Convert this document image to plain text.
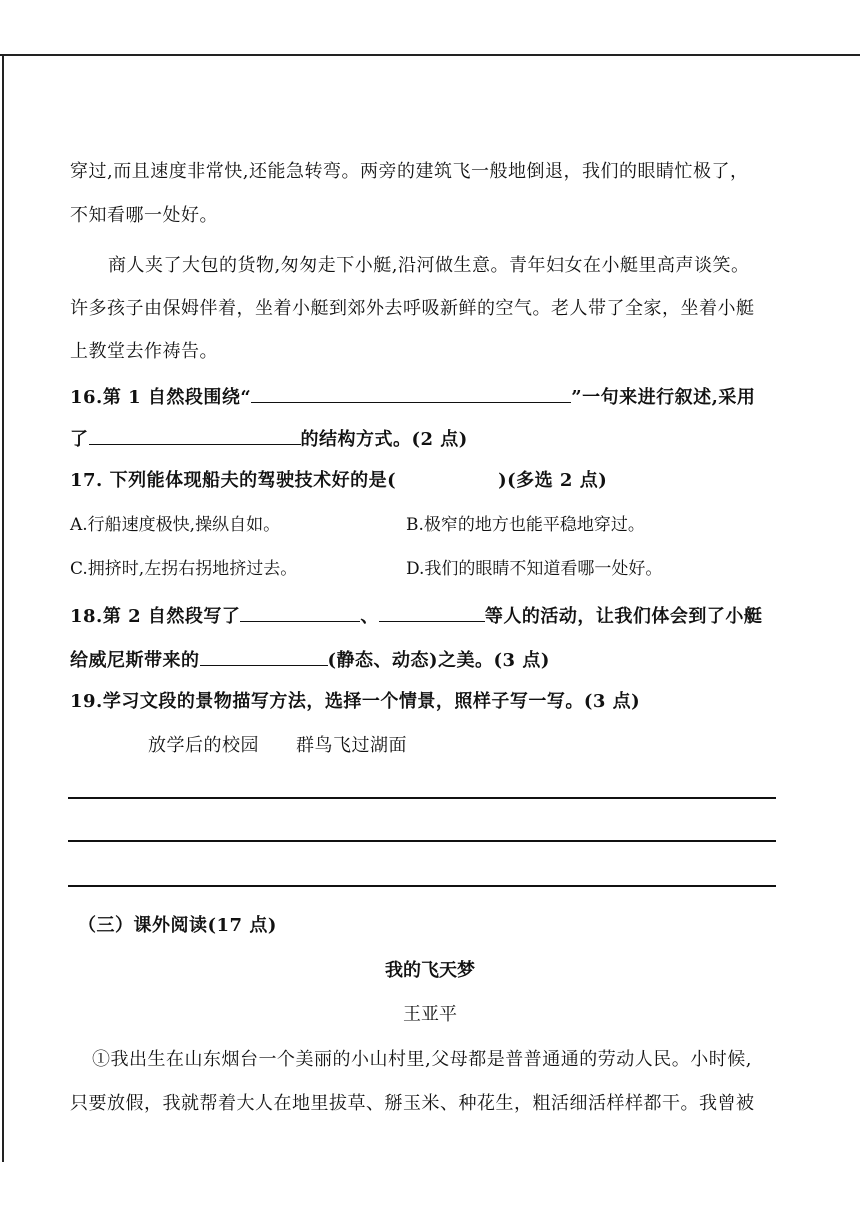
穿过,而且速度非常快,还能急转弯。两旁的建筑飞一般地倒退，我们的眼睛忙极了，
不知看哪一处好。
商人夹了大包的货物,匆匆走下小艇,沿河做生意。青年妇女在小艇里高声谈笑。
许多孩子由保姆伴着，坐着小艇到郊外去呼吸新鲜的空气。老人带了全家，坐着小艇
上教堂去作祷告。
16.第 1 自然段围绕“	”一句来进行叙述,采用
了	的结构方式。(2 点)
17. 下列能体现船夫的驾驶技术好的是(	)(多选 2 点)
A.行船速度极快,操纵自如。	B.极窄的地方也能平稳地穿过。
C.拥挤时,左拐右拐地挤过去。	D.我们的眼睛不知道看哪一处好。
18.第 2 自然段写了	、	等人的活动，让我们体会到了小艇
给威尼斯带来的	(静态、动态)之美。(3 点)
19.学习文段的景物描写方法，选择一个情景，照样子写一写。(3 点)
放学后的校园　　群鸟飞过湖面
（三）课外阅读(17 点)
我的飞天梦
王亚平
①我出生在山东烟台一个美丽的小山村里,父母都是普普通通的劳动人民。小时候,
只要放假，我就帮着大人在地里拔草、掰玉米、种花生，粗活细活样样都干。我曾被
